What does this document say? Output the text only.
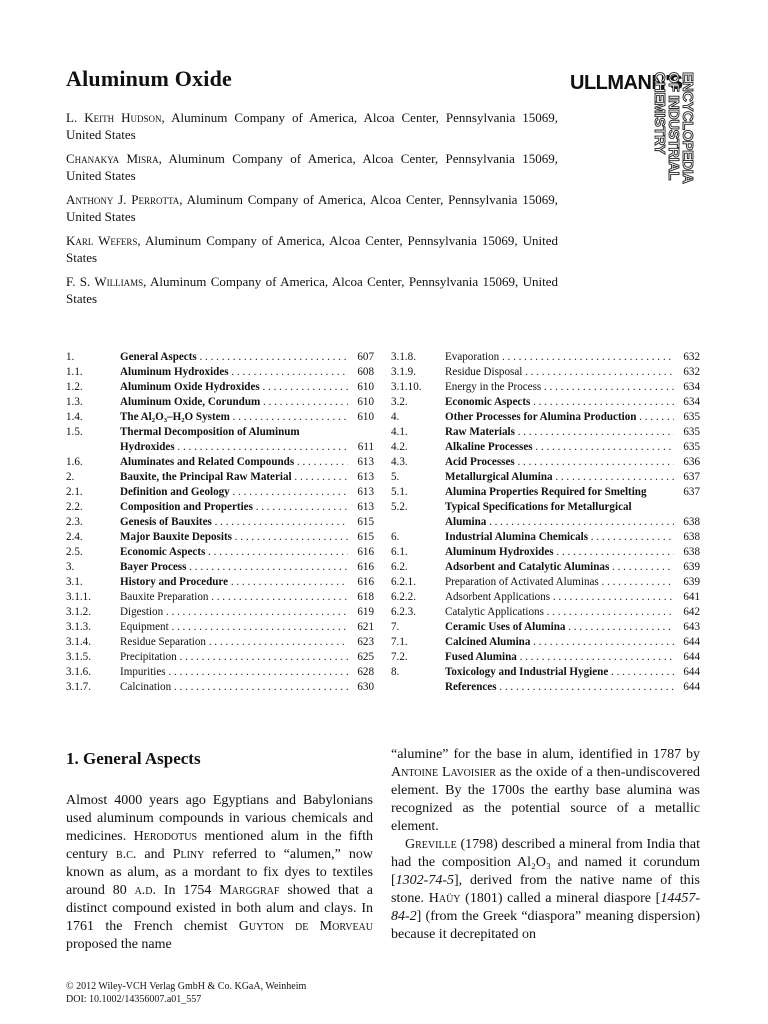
Aluminum Oxide	ULLMANN'S
ENCYCLOPEDIA
OF INDUSTRIAL
CHEMISTRY
L. Keith Hudson, Aluminum Company of America, Alcoa Center, Pennsylvania 15069, United States
Chanakya Misra, Aluminum Company of America, Alcoa Center, Pennsylvania 15069, United States
Anthony J. Perrotta, Aluminum Company of America, Alcoa Center, Pennsylvania 15069, United States
Karl Wefers, Aluminum Company of America, Alcoa Center, Pennsylvania 15069, United States
F. S. Williams, Aluminum Company of America, Alcoa Center, Pennsylvania 15069, United States
1.	General Aspects . . .	607
1.1.	Aluminum Hydroxides . . .	608
1.2.	Aluminum Oxide Hydroxides . . .	610
1.3.	Aluminum Oxide, Corundum . . .	610
1.4.	The Al₂O₃–H₂O System . . .	610
1.5.	Thermal Decomposition of Aluminum
Hydroxides . . .	611
1.6.	Aluminates and Related Compounds . . .	613
2.	Bauxite, the Principal Raw Material . . .	613
2.1.	Definition and Geology . . .	613
2.2.	Composition and Properties . . .	613
2.3.	Genesis of Bauxites . . .	615
2.4.	Major Bauxite Deposits . . .	615
2.5.	Economic Aspects . . .	616
3.	Bayer Process . . .	616
3.1.	History and Procedure . . .	616
3.1.1.	Bauxite Preparation . . .	618
3.1.2.	Digestion . . .	619
3.1.3.	Equipment . . .	621
3.1.4.	Residue Separation . . .	623
3.1.5.	Precipitation . . .	625
3.1.6.	Impurities . . .	628
3.1.7.	Calcination . . .	630
3.1.8.	Evaporation . . .	632
3.1.9.	Residue Disposal . . .	632
3.1.10.	Energy in the Process . . .	634
3.2.	Economic Aspects . . .	634
4.	Other Processes for Alumina Production . . .	635
4.1.	Raw Materials . . .	635
4.2.	Alkaline Processes . . .	635
4.3.	Acid Processes . . .	636
5.	Metallurgical Alumina . . .	637
5.1.	Alumina Properties Required for Smelting	637
5.2.	Typical Specifications for Metallurgical
Alumina . . .	638
6.	Industrial Alumina Chemicals . . .	638
6.1.	Aluminum Hydroxides . . .	638
6.2.	Adsorbent and Catalytic Aluminas . . .	639
6.2.1.	Preparation of Activated Aluminas . . .	639
6.2.2.	Adsorbent Applications . . .	641
6.2.3.	Catalytic Applications . . .	642
7.	Ceramic Uses of Alumina . . .	643
7.1.	Calcined Alumina . . .	644
7.2.	Fused Alumina . . .	644
8.	Toxicology and Industrial Hygiene . . .	644
References . . .	644
1. General Aspects

Almost 4000 years ago Egyptians and Babylonians used aluminum compounds in various chemicals and medicines. Herodotus mentioned alum in the fifth century b.c. and Pliny referred to “alumen,” now known as alum, as a mordant to fix dyes to textiles around 80 a.d. In 1754 Marggraf showed that a distinct compound existed in both alum and clays. In 1761 the French chemist Guyton de Morveau proposed the name

“alumine” for the base in alum, identified in 1787 by Antoine Lavoisier as the oxide of a then-undiscovered element. By the 1700s the earthy base alumina was recognized as the potential source of a metallic element.

Greville (1798) described a mineral from India that had the composition Al₂O₃ and named it corundum [1302-74-5], derived from the native name of this stone. Haüy (1801) called a mineral diaspore [14457-84-2] (from the Greek “diaspora” meaning dispersion) because it decrepitated on

© 2012 Wiley-VCH Verlag GmbH & Co. KGaA, Weinheim
DOI: 10.1002/14356007.a01_557
